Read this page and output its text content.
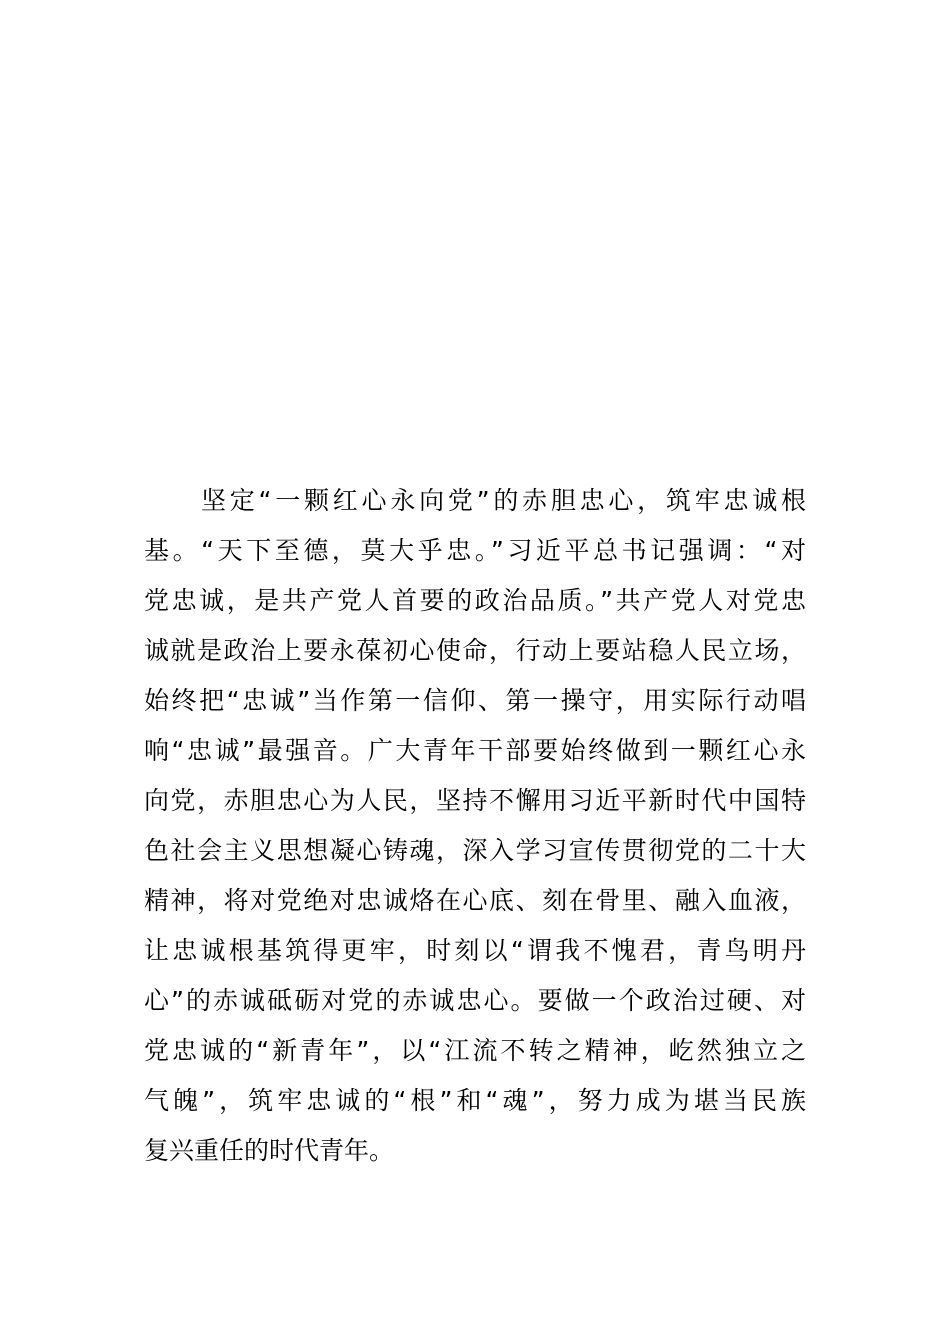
坚定“一颗红心永向党”的赤胆忠心，筑牢忠诚根
基。“天下至德，莫大乎忠。”习近平总书记强调：“对
党忠诚，是共产党人首要的政治品质。”共产党人对党忠
诚就是政治上要永葆初心使命，行动上要站稳人民立场，
始终把“忠诚”当作第一信仰、第一操守，用实际行动唱
响“忠诚”最强音。广大青年干部要始终做到一颗红心永
向党，赤胆忠心为人民，坚持不懈用习近平新时代中国特
色社会主义思想凝心铸魂，深入学习宣传贯彻党的二十大
精神，将对党绝对忠诚烙在心底、刻在骨里、融入血液，
让忠诚根基筑得更牢，时刻以“谓我不愧君，青鸟明丹
心”的赤诚砥砺对党的赤诚忠心。要做一个政治过硬、对
党忠诚的“新青年”，以“江流不转之精神，屹然独立之
气魄”，筑牢忠诚的“根”和“魂”，努力成为堪当民族
复兴重任的时代青年。
